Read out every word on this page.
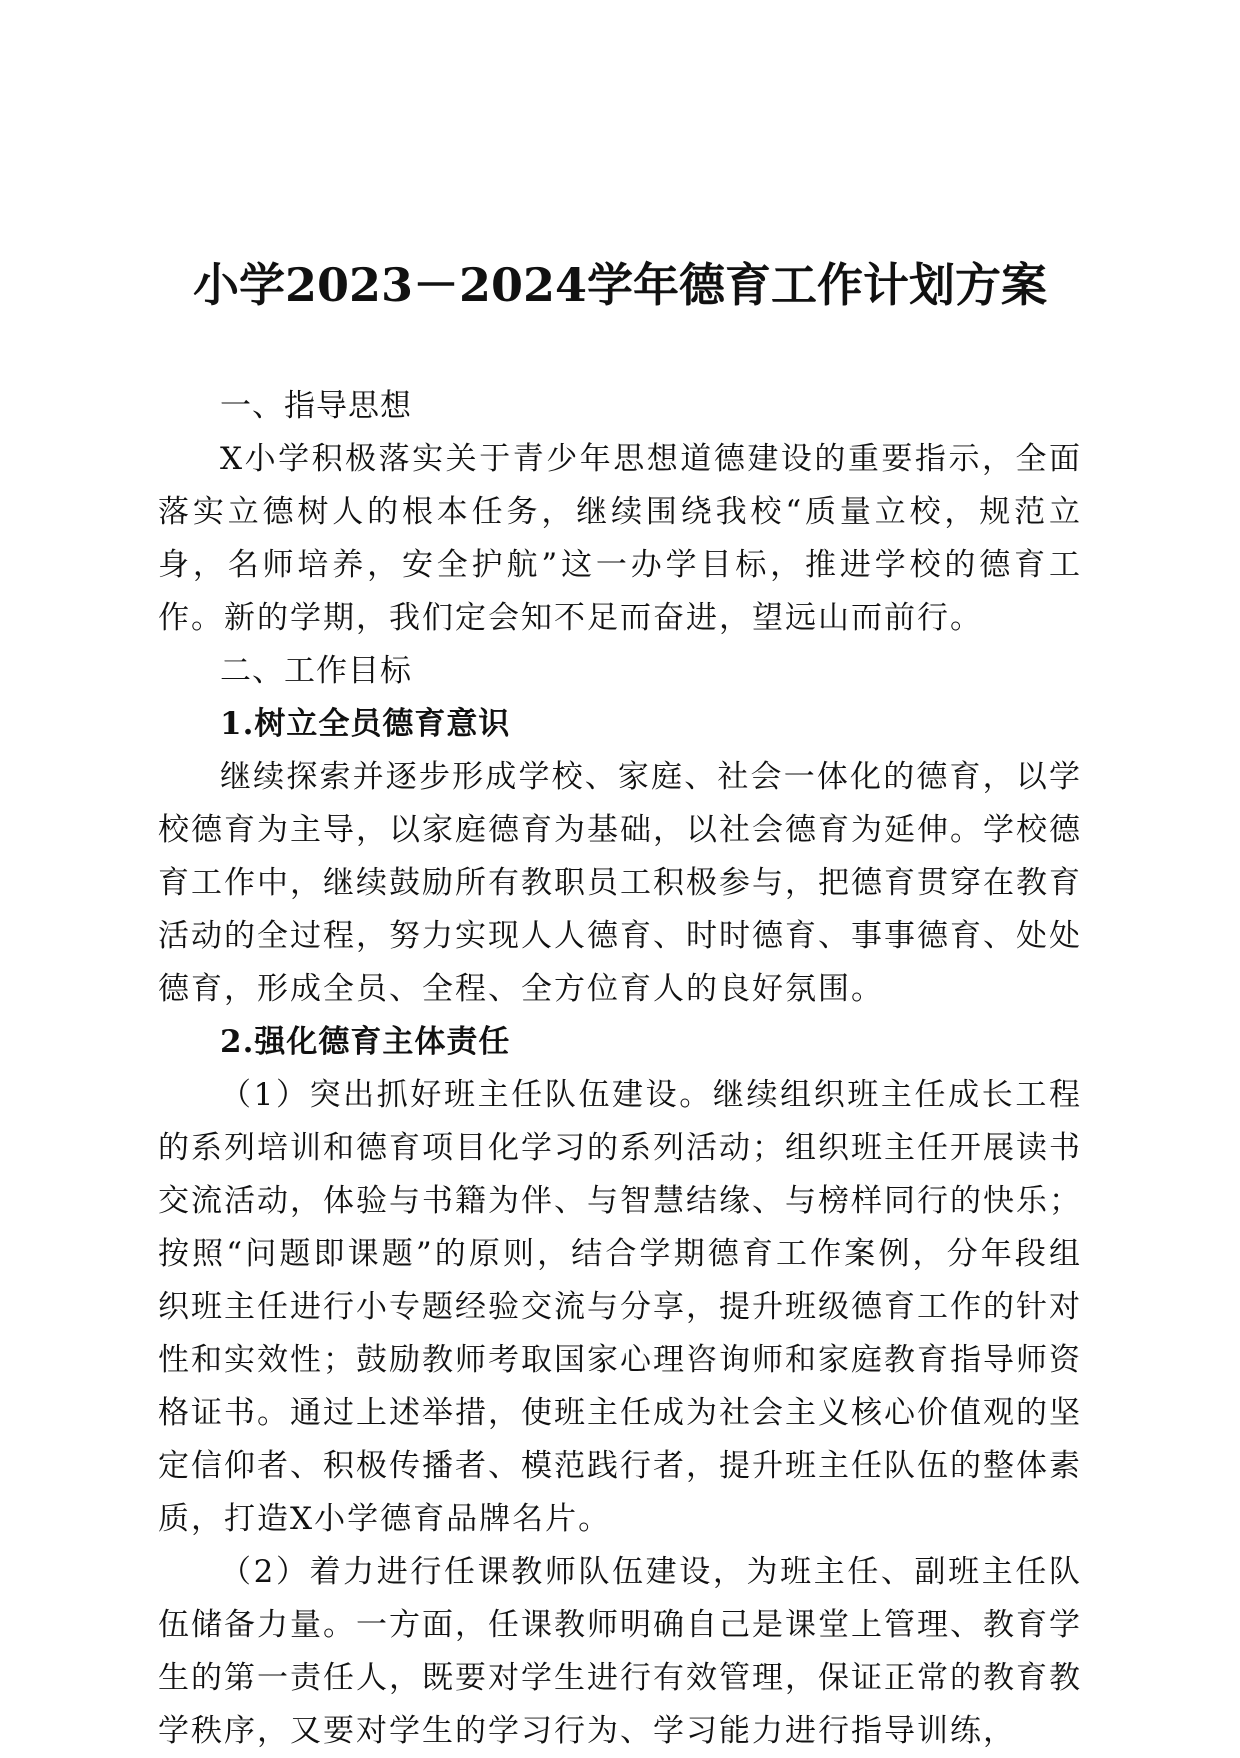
小学2023－2024学年德育工作计划方案

一、指导思想

X小学积极落实关于青少年思想道德建设的重要指示，全面落实立德树人的根本任务，继续围绕我校“质量立校，规范立身，名师培养，安全护航”这一办学目标，推进学校的德育工作。新的学期，我们定会知不足而奋进，望远山而前行。

二、工作目标

1.树立全员德育意识

继续探索并逐步形成学校、家庭、社会一体化的德育，以学校德育为主导，以家庭德育为基础，以社会德育为延伸。学校德育工作中，继续鼓励所有教职员工积极参与，把德育贯穿在教育活动的全过程，努力实现人人德育、时时德育、事事德育、处处德育，形成全员、全程、全方位育人的良好氛围。

2.强化德育主体责任

（1）突出抓好班主任队伍建设。继续组织班主任成长工程的系列培训和德育项目化学习的系列活动；组织班主任开展读书交流活动，体验与书籍为伴、与智慧结缘、与榜样同行的快乐；按照“问题即课题”的原则，结合学期德育工作案例，分年段组织班主任进行小专题经验交流与分享，提升班级德育工作的针对性和实效性；鼓励教师考取国家心理咨询师和家庭教育指导师资格证书。通过上述举措，使班主任成为社会主义核心价值观的坚定信仰者、积极传播者、模范践行者，提升班主任队伍的整体素质，打造X小学德育品牌名片。

（2）着力进行任课教师队伍建设，为班主任、副班主任队伍储备力量。一方面，任课教师明确自己是课堂上管理、教育学生的第一责任人，既要对学生进行有效管理，保证正常的教育教学秩序，又要对学生的学习行为、学习能力进行指导训练，
